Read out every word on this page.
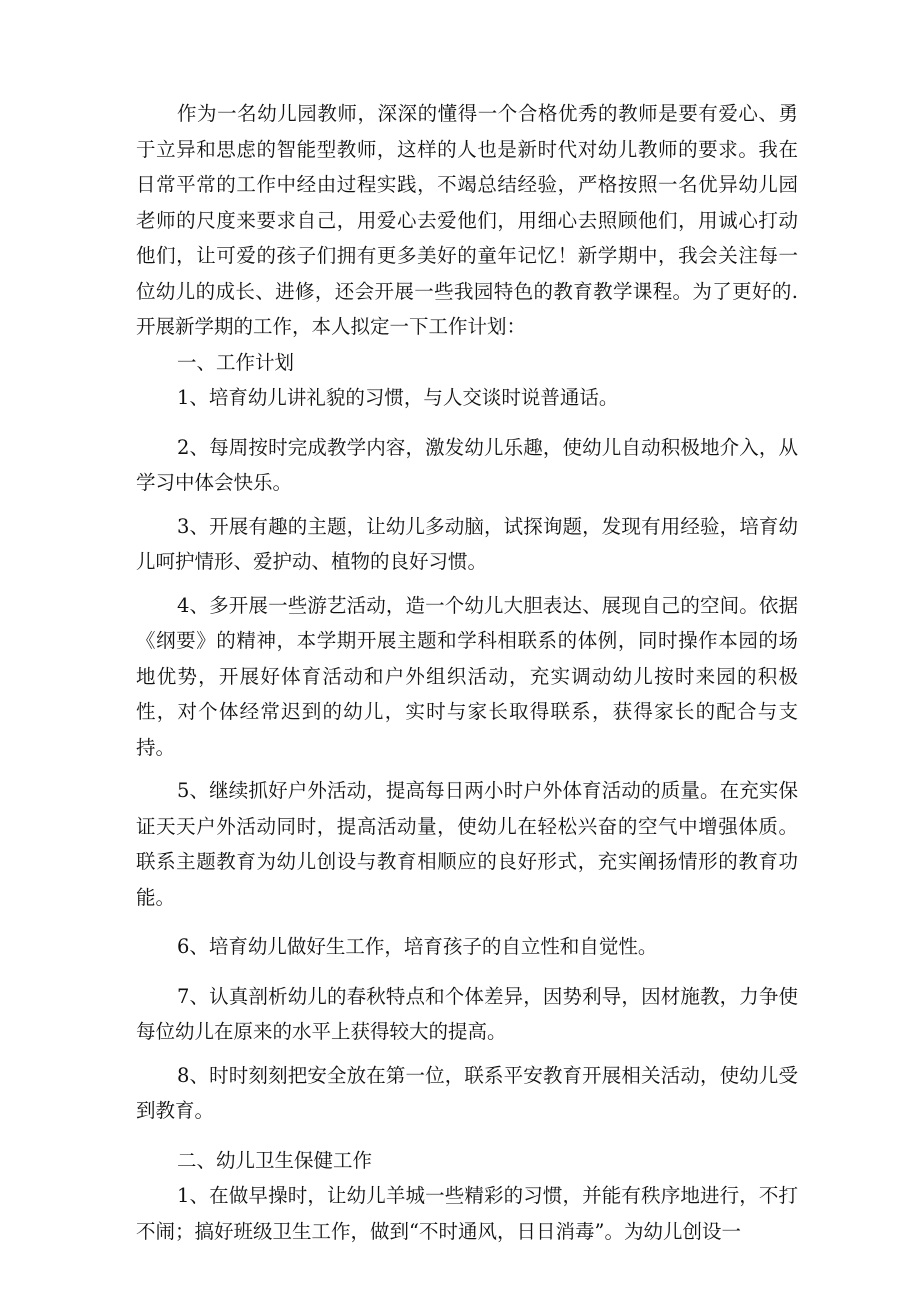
作为一名幼儿园教师，深深的懂得一个合格优秀的教师是要有爱心、勇于立异和思虑的智能型教师，这样的人也是新时代对幼儿教师的要求。我在日常平常的工作中经由过程实践，不竭总结经验，严格按照一名优异幼儿园老师的尺度来要求自己，用爱心去爱他们，用细心去照顾他们，用诚心打动他们，让可爱的孩子们拥有更多美好的童年记忆！新学期中，我会关注每一位幼儿的成长、进修，还会开展一些我园特色的教育教学课程。为了更好的. 开展新学期的工作，本人拟定一下工作计划：

一、工作计划

1、培育幼儿讲礼貌的习惯，与人交谈时说普通话。

2、每周按时完成教学内容，激发幼儿乐趣，使幼儿自动积极地介入，从学习中体会快乐。

3、开展有趣的主题，让幼儿多动脑，试探询题，发现有用经验，培育幼儿呵护情形、爱护动、植物的良好习惯。

4、多开展一些游艺活动，造一个幼儿大胆表达、展现自己的空间。依据《纲要》的精神，本学期开展主题和学科相联系的体例，同时操作本园的场地优势，开展好体育活动和户外组织活动，充实调动幼儿按时来园的积极性，对个体经常迟到的幼儿，实时与家长取得联系，获得家长的配合与支持。

5、继续抓好户外活动，提高每日两小时户外体育活动的质量。在充实保证天天户外活动同时，提高活动量，使幼儿在轻松兴奋的空气中增强体质。联系主题教育为幼儿创设与教育相顺应的良好形式，充实阐扬情形的教育功能。

6、培育幼儿做好生工作，培育孩子的自立性和自觉性。

7、认真剖析幼儿的春秋特点和个体差异，因势利导，因材施教，力争使每位幼儿在原来的水平上获得较大的提高。

8、时时刻刻把安全放在第一位，联系平安教育开展相关活动，使幼儿受到教育。

二、幼儿卫生保健工作

1、在做早操时，让幼儿羊城一些精彩的习惯，并能有秩序地进行，不打不闹；搞好班级卫生工作，做到“不时通风，日日消毒”。为幼儿创设一
